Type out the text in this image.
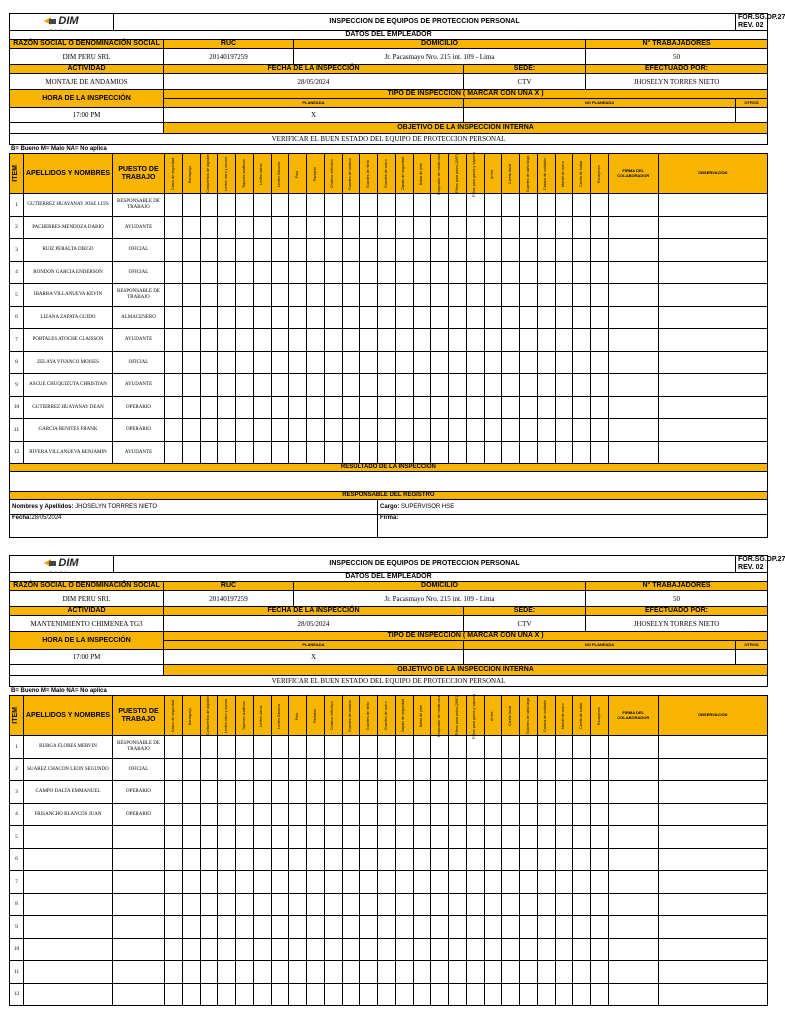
DIM
PERU	INSPECCION DE EQUIPOS DE PROTECCION PERSONAL					FOR.SG.DP.27
REV. 02

DATOS DEL EMPLEADOR						
RAZÓN SOCIAL O DENOMINACIÓN SOCIAL		RUC	DOMICILIO		N° TRABAJADORES	
DIM PERU SRL		20140197259	Jr. Pacasmayo Nro. 215 int. 109 - Lima		50	
ACTIVIDAD		FECHA DE LA INSPECCIÓN		SEDE:	EFECTUADO POR:	
MONTAJE DE ANDAMIOS		28/05/2024		CTV	JHOSELYN TORRES NIETO	
HORA DE LA INSPECCIÓN		TIPO DE INSPECCION ( MARCAR CON UNA X )				
		PLANEADA		NO PLANEADA		OTROS
17:00 PM		X				
		OBJETIVO DE LA INSPECCIÓN INTERNA				
VERIFICAR EL BUEN ESTADO DEL EQUIPO DE PROTECCION PERSONAL						
B= Bueno M= Malo NA= No aplica
ITEM	APELLIDOS Y NOMBRES	PUESTO DE TRABAJO	Casco de seguridad	Barbiquejo	Cortavientos de algodón	Lentes claro y oscuro	Tapones auditivos	Lentes claros	Lentes Oscuros	Polo	Pantalón	Chaleco reflectivo	Guantes de badana	Guantes de nitrilo	Guantes de cuero	Zapato de seguridad	Botas de jebe	Respirador de media cara	Filtros para polvo (2097)	Filtros para gases y vapores	Arnés	Careta facial	Guantes de caña larga	Casaca de soldador	Mandil de cuero	Careta de soldar	Escarpines	FIRMA DEL COLABORADOR	OBSERVACION
1	GUTIERREZ HUAYANAY JOSE LUIS	RESPONSABLE DE TRABAJO																											
2	PACHERRES MENDOZA DARIO	AYUDANTE																											
3	RUIZ PERALTA DIEGO	OFICIAL																											
4	RONDON GARCIA ENDERSON	OFICIAL																											
5	IBARRA VILLANUEVA KEVIN	RESPONSABLE DE TRABAJO																											
6	LIZANA ZAPATA GUIDO	ALMACENERO																											
7	PORTALES ATOCHE CLAISSON	AYUDANTE																											
8	ZELAYA VIVANCO MOISES	OFICIAL																											
9	ASCUE CHUQUIZUTA CHRISTIAN	AYUDANTE																											
10	GUTIERREZ HUAYANAY DEAN	OPERARIO																											
11	GARCIA BENITES FRANK	OPERARIO																											
12	RIVERA VILLANUEVA BENJAMIN	AYUDANTE																											
RESULTADO DE LA INSPECCION																													

RESPONSABLE DEL REGISTRO																													
Nombres y Apellidos: JHOSELYN TORRRES NIETO															Cargo: SUPERVISOR HSE														
Fecha:28/05/2024															Firma:														
DIM
PERU	INSPECCION DE EQUIPOS DE PROTECCION PERSONAL					FOR.SG.DP.27
REV. 02

DATOS DEL EMPLEADOR						
RAZÓN SOCIAL O DENOMINACIÓN SOCIAL		RUC	DOMICILIO		N° TRABAJADORES	
DIM PERU SRL		20140197259	Jr. Pacasmayo Nro. 215 int. 109 - Lima		50	
ACTIVIDAD		FECHA DE LA INSPECCIÓN		SEDE:	EFECTUADO POR:	
MANTENIMIENTO CHIMENEA TG3		28/05/2024		CTV	JHOSELYN TORRES NIETO	
HORA DE LA INSPECCIÓN		TIPO DE INSPECCION ( MARCAR CON UNA X )				
		PLANEADA		NO PLANEADA		OTROS
17:00 PM		X				
		OBJETIVO DE LA INSPECCIÓN INTERNA				
VERIFICAR EL BUEN ESTADO DEL EQUIPO DE PROTECCION PERSONAL						
B= Bueno M= Malo NA= No aplica
ITEM	APELLIDOS Y NOMBRES	PUESTO DE TRABAJO	Casco de seguridad	Barbiquejo	Cortavientos de algodón	Lentes claro y oscuro	Tapones auditivos	Lentes claros	Lentes Oscuros	Polo	Pantalón	Chaleco reflectivo	Guantes de badana	Guantes de nitrilo	Guantes de cuero	Zapato de seguridad	Botas de jebe	Respirador de media cara	Filtros para polvo (2097)	Filtros para gases y vapores	Arnés	Careta facial	Guantes de caña larga	Casaca de soldador	Mandil de cuero	Careta de soldar	Escarpines	FIRMA DEL COLABORADOR	OBSERVACION
1	BURGA FLORES MERVIN	RESPONSABLE DE TRABAJO																											
2	SUAREZ CHACON LEON SEGUNDO	OFICIAL																											
3	CAMPO DALTA EMMANUEL	OPERARIO																											
4	FRISANCHO BLANCOS JUAN	OPERARIO																											
5																													
6																													
7																													
8																													
9																													
10																													
11																													
12																													
